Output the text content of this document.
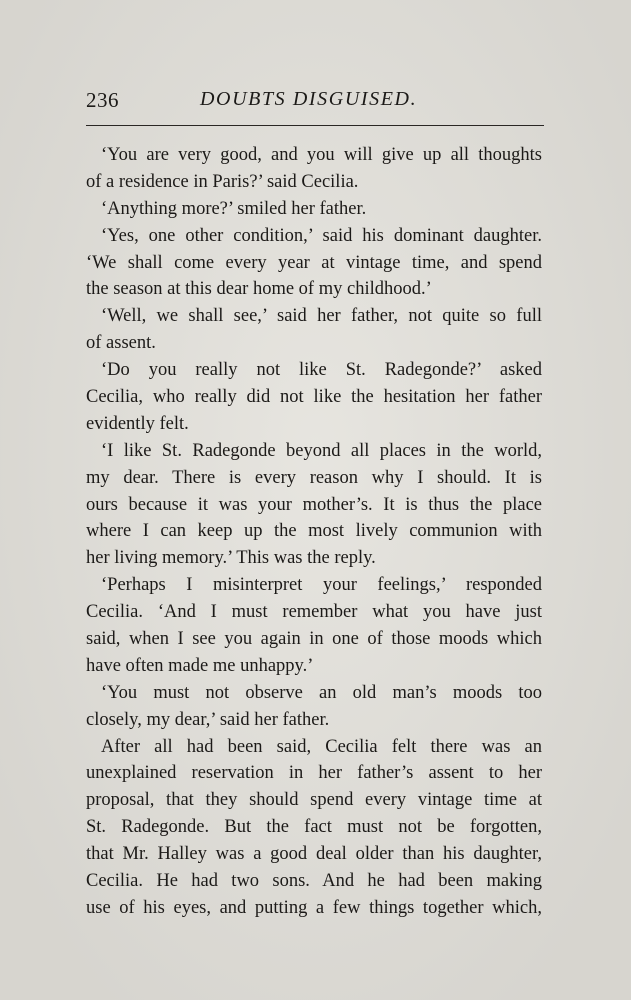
236	DOUBTS DISGUISED.
‘You are very good, and you will give up all thoughts
of a residence in Paris?’ said Cecilia.
‘Anything more?’ smiled her father.
‘Yes, one other condition,’ said his dominant daughter.
‘We shall come every year at vintage time, and spend
the season at this dear home of my childhood.’
‘Well, we shall see,’ said her father, not quite so full
of assent.
‘Do you really not like St. Radegonde?’ asked
Cecilia, who really did not like the hesitation her father
evidently felt.
‘I like St. Radegonde beyond all places in the world,
my dear. There is every reason why I should. It is
ours because it was your mother’s. It is thus the place
where I can keep up the most lively communion with
her living memory.’ This was the reply.
‘Perhaps I misinterpret your feelings,’ responded
Cecilia. ‘And I must remember what you have just
said, when I see you again in one of those moods which
have often made me unhappy.’
‘You must not observe an old man’s moods too
closely, my dear,’ said her father.
After all had been said, Cecilia felt there was an
unexplained reservation in her father’s assent to her
proposal, that they should spend every vintage time at
St. Radegonde. But the fact must not be forgotten,
that Mr. Halley was a good deal older than his daughter,
Cecilia. He had two sons. And he had been making
use of his eyes, and putting a few things together which,
